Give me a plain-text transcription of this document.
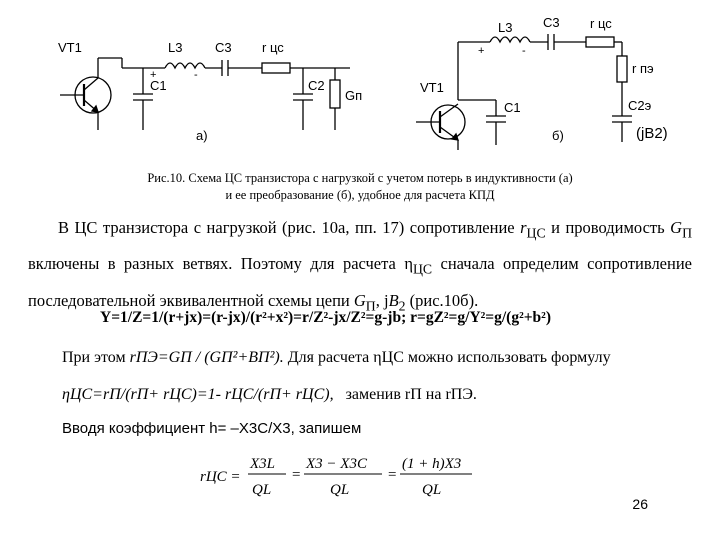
VT1	L3	C3 r цс
C1	C2
Gп
+	-
а)
L3 C3 r цс
r пэ
VT1
C1	C2э
+	-
б)	(jB2)
Рис.10. Схема ЦС транзистора с нагрузкой с учетом потерь в индуктивности (а)
и ее преобразование (б), удобное для расчета КПД
В ЦС транзистора с нагрузкой (рис. 10а, пп. 17) сопротивление $r_{ЦС}$ и проводимость $G_П$ включены в разных ветвях. Поэтому для расчета $\eta_{ЦС}$ сначала определим сопротивление последовательной эквивалентной схемы цепи $G_П$, $jB_2$ (рис.10б).
Y=1/Z=1/(r+jx)=(r-jx)/(r²+x²)=r/Z²-jx/Z²=g-jb; r=gZ²=g/Y²=g/(g²+b²)
При этом rПЭ=GП / (GП²+BП²). Для расчета ηЦС можно использовать формулу
ηЦС=rП/(rП+ rЦС)=1- rЦС/(rП+ rЦС), заменив rП на rПЭ.
Вводя коэффициент h= –X3C/X3, запишем
rЦС =
X3L
QL
=
X3 − X3C
QL
=
(1 + h)X3
QL
26
